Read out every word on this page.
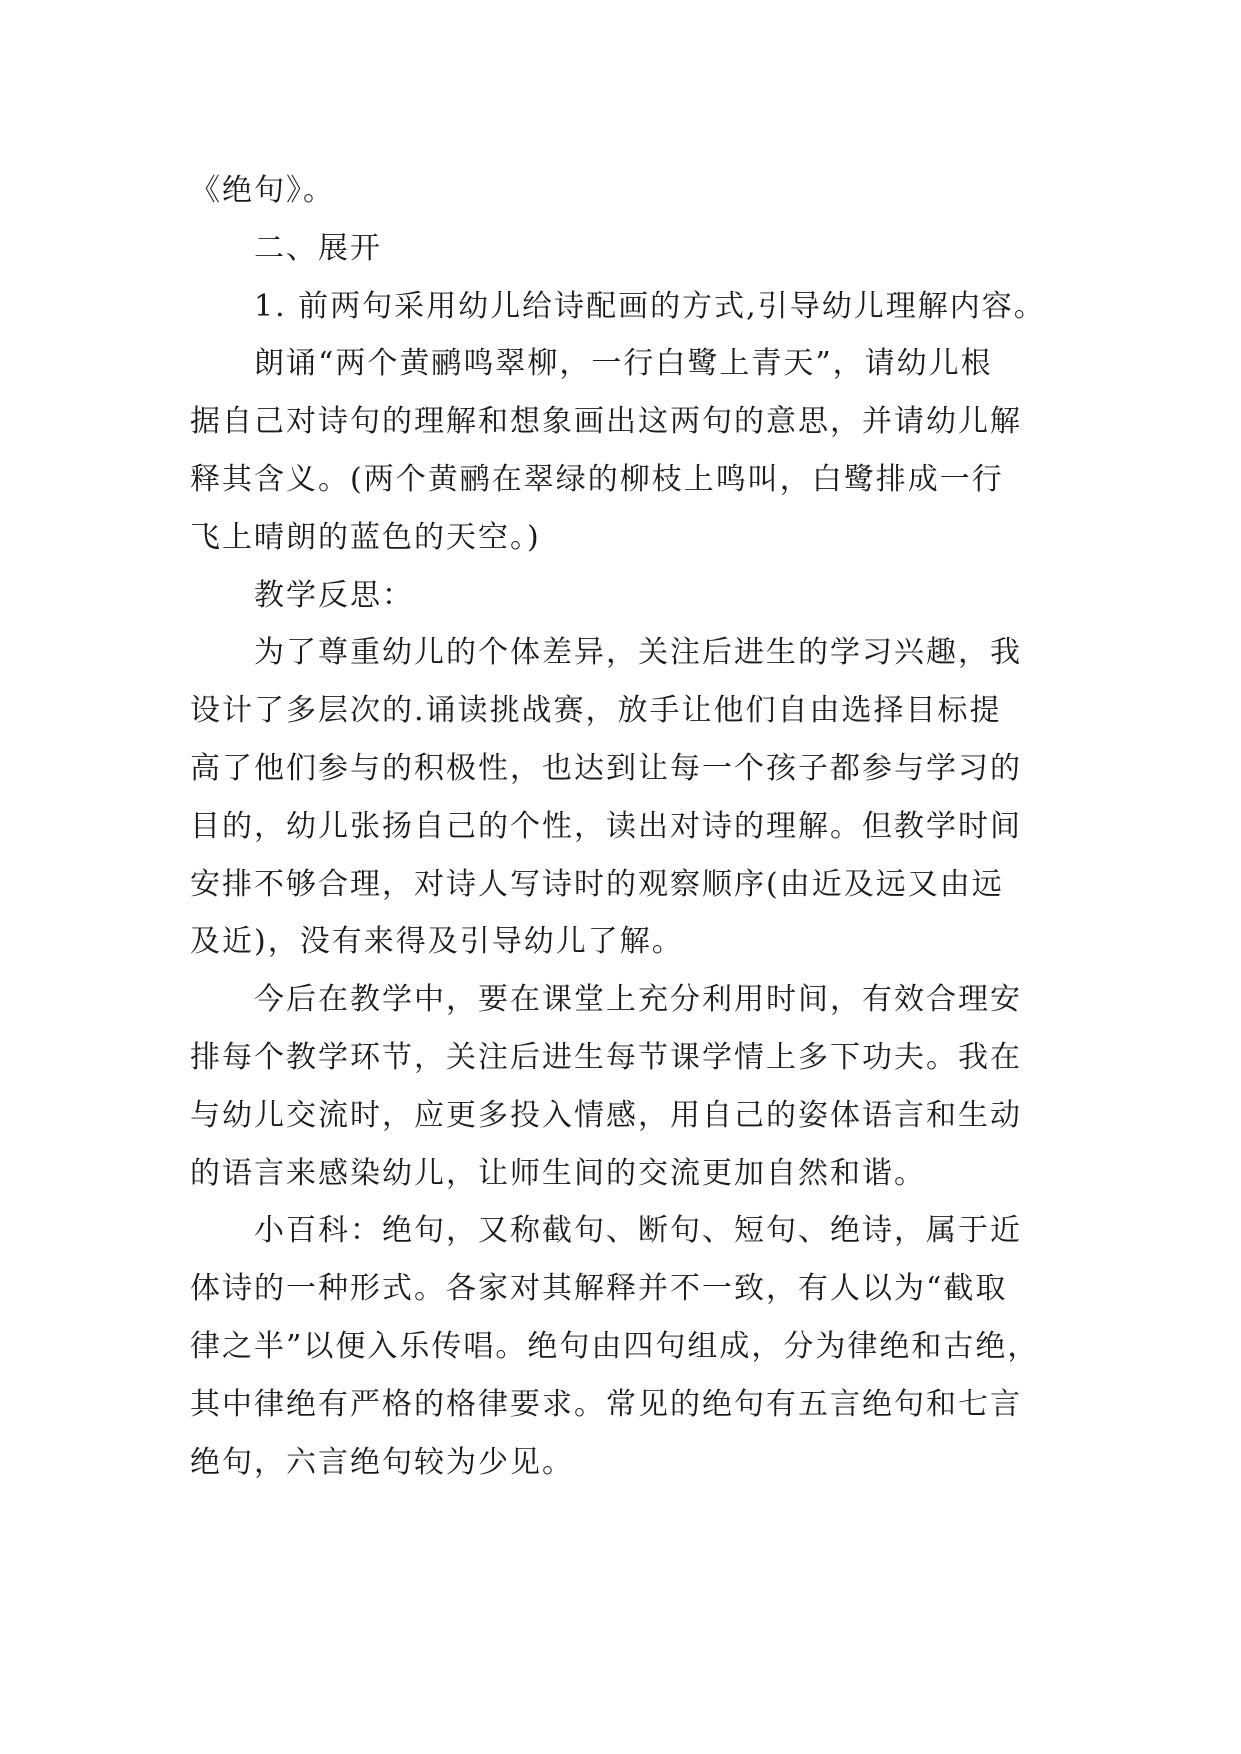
《绝句》。
二、展开
1. 前两句采用幼儿给诗配画的方式,引导幼儿理解内容。
朗诵“两个黄鹂鸣翠柳，一行白鹭上青天”，请幼儿根
据自己对诗句的理解和想象画出这两句的意思，并请幼儿解
释其含义。(两个黄鹂在翠绿的柳枝上鸣叫，白鹭排成一行
飞上晴朗的蓝色的天空。)
教学反思：
为了尊重幼儿的个体差异，关注后进生的学习兴趣，我
设计了多层次的.诵读挑战赛，放手让他们自由选择目标提
高了他们参与的积极性，也达到让每一个孩子都参与学习的
目的，幼儿张扬自己的个性，读出对诗的理解。但教学时间
安排不够合理，对诗人写诗时的观察顺序(由近及远又由远
及近)，没有来得及引导幼儿了解。
今后在教学中，要在课堂上充分利用时间，有效合理安
排每个教学环节，关注后进生每节课学情上多下功夫。我在
与幼儿交流时，应更多投入情感，用自己的姿体语言和生动
的语言来感染幼儿，让师生间的交流更加自然和谐。
小百科：绝句，又称截句、断句、短句、绝诗，属于近
体诗的一种形式。各家对其解释并不一致，有人以为“截取
律之半”以便入乐传唱。绝句由四句组成，分为律绝和古绝，
其中律绝有严格的格律要求。常见的绝句有五言绝句和七言
绝句，六言绝句较为少见。
